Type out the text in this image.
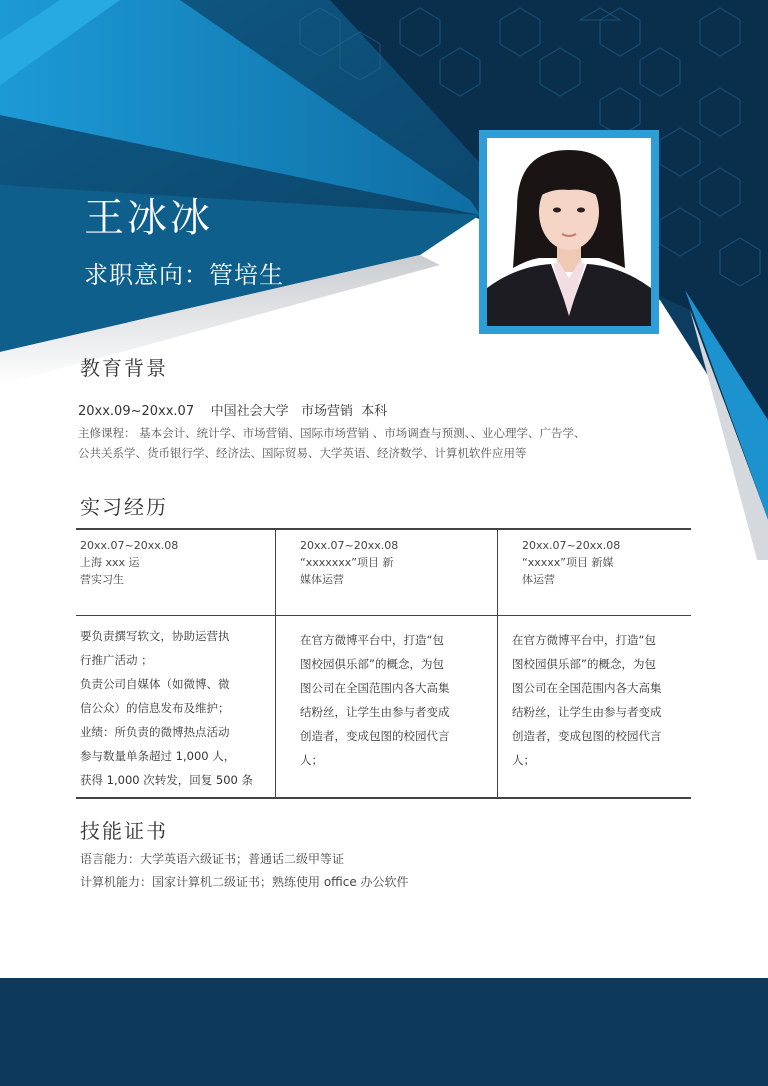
王冰冰
求职意向：管培生
教育背景
20xx.09~20xx.07    中国社会大学   市场营销  本科
主修课程： 基本会计、统计学、市场营销、国际市场营销 、市场调查与预测、、业心理学、广告学、
公共关系学、货币银行学、经济法、国际贸易、大学英语、经济数学、计算机软件应用等
实习经历
20xx.07~20xx.08
上海 xxx 运
营实习生
要负责撰写软文，协助运营执
行推广活动 ；
负责公司自媒体（如微博、微
信公众）的信息发布及维护；
业绩：所负责的微博热点活动
参与数量单条超过 1,000 人，
获得 1,000 次转发，回复 500 条
20xx.07~20xx.08
“xxxxxxx”项目 新
媒体运营
在官方微博平台中，打造“包
图校园俱乐部”的概念，为包
图公司在全国范围内各大高集
结粉丝，让学生由参与者变成
创造者，变成包图的校园代言
人；
20xx.07~20xx.08
“xxxxx”项目 新媒
体运营
在官方微博平台中，打造“包
图校园俱乐部”的概念，为包
图公司在全国范围内各大高集
结粉丝，让学生由参与者变成
创造者，变成包图的校园代言
人；
技能证书
语言能力：大学英语六级证书；普通话二级甲等证
计算机能力：国家计算机二级证书；熟练使用 office 办公软件
